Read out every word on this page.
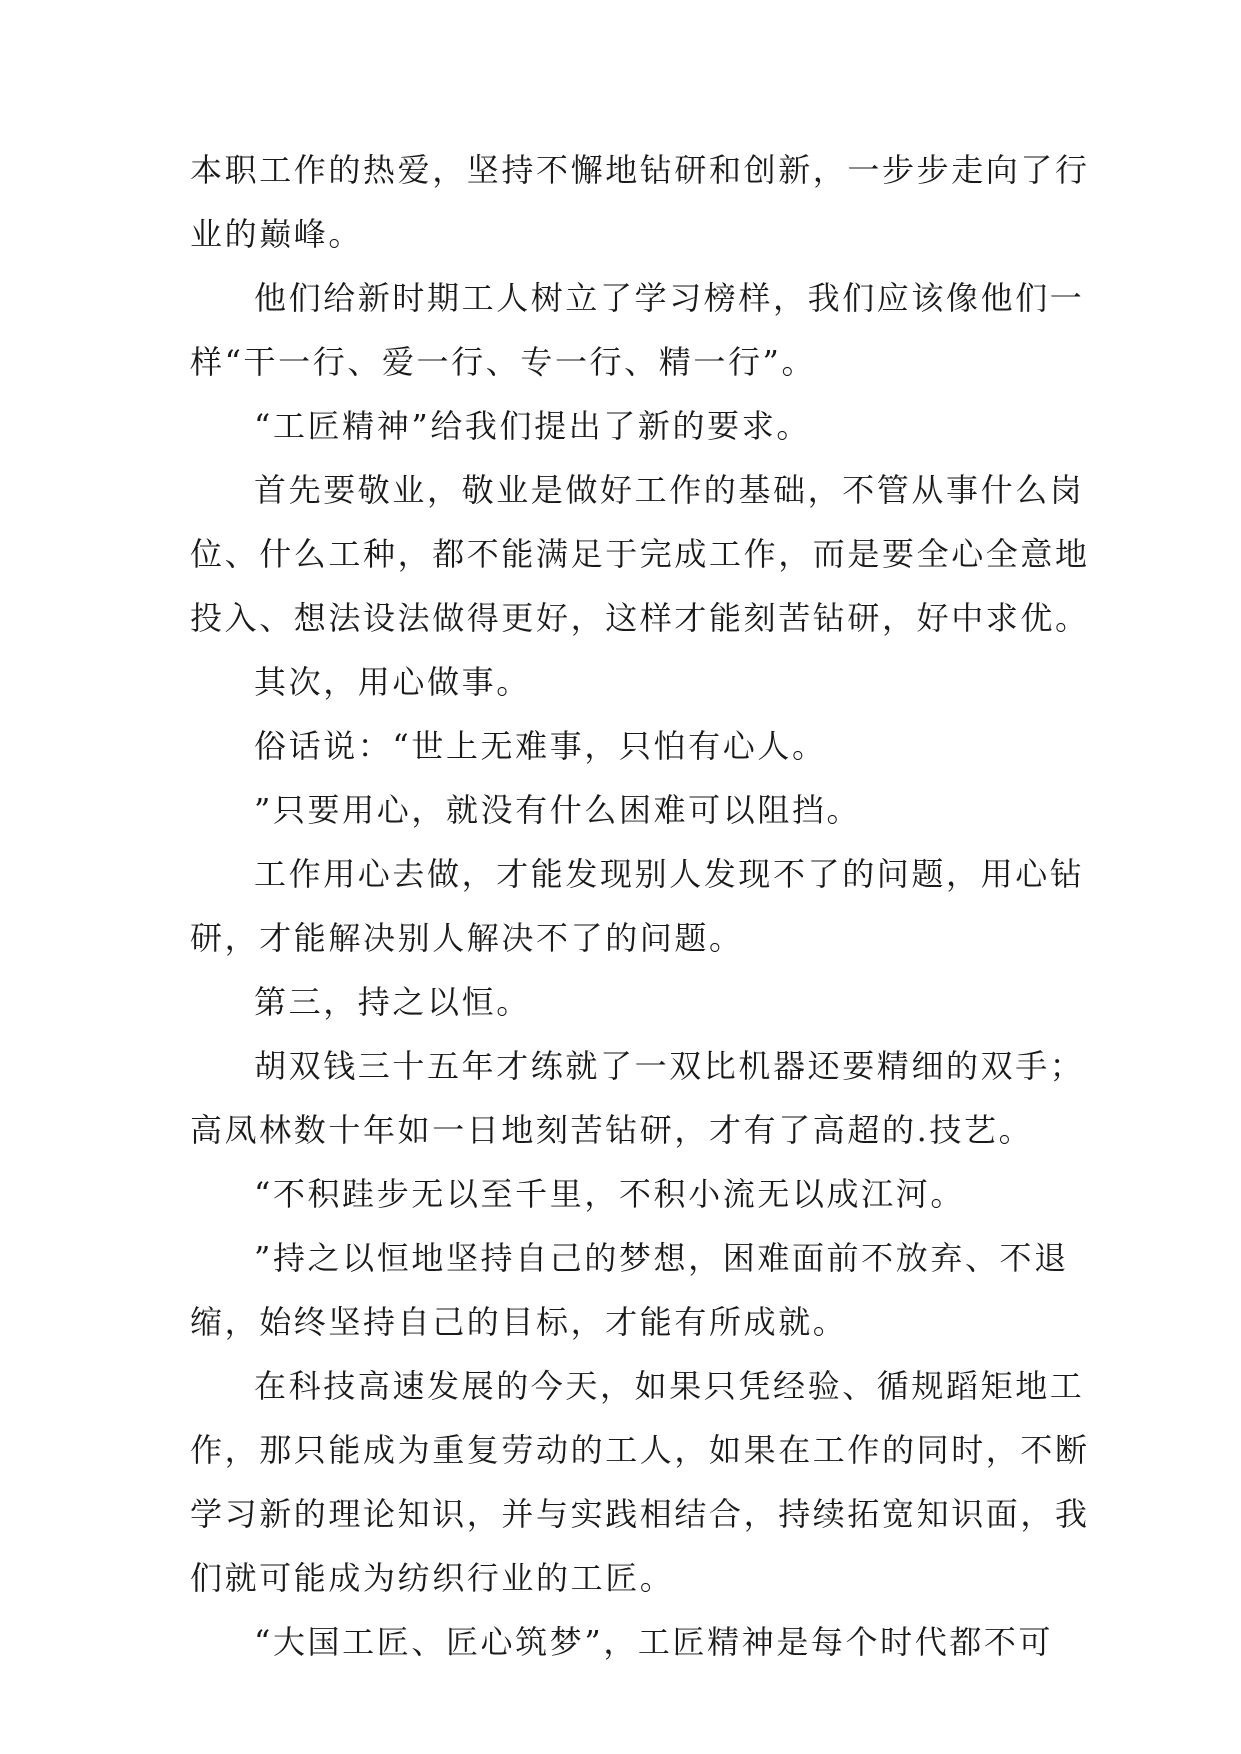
本职工作的热爱，坚持不懈地钻研和创新，一步步走向了行
业的巅峰。
他们给新时期工人树立了学习榜样，我们应该像他们一
样“干一行、爱一行、专一行、精一行”。
“工匠精神”给我们提出了新的要求。
首先要敬业，敬业是做好工作的基础，不管从事什么岗
位、什么工种，都不能满足于完成工作，而是要全心全意地
投入、想法设法做得更好，这样才能刻苦钻研，好中求优。
其次，用心做事。
俗话说：“世上无难事，只怕有心人。
”只要用心，就没有什么困难可以阻挡。
工作用心去做，才能发现别人发现不了的问题，用心钻
研，才能解决别人解决不了的问题。
第三，持之以恒。
胡双钱三十五年才练就了一双比机器还要精细的双手；
高凤林数十年如一日地刻苦钻研，才有了高超的.技艺。
“不积跬步无以至千里，不积小流无以成江河。
”持之以恒地坚持自己的梦想，困难面前不放弃、不退
缩，始终坚持自己的目标，才能有所成就。
在科技高速发展的今天，如果只凭经验、循规蹈矩地工
作，那只能成为重复劳动的工人，如果在工作的同时，不断
学习新的理论知识，并与实践相结合，持续拓宽知识面，我
们就可能成为纺织行业的工匠。
“大国工匠、匠心筑梦”，工匠精神是每个时代都不可
